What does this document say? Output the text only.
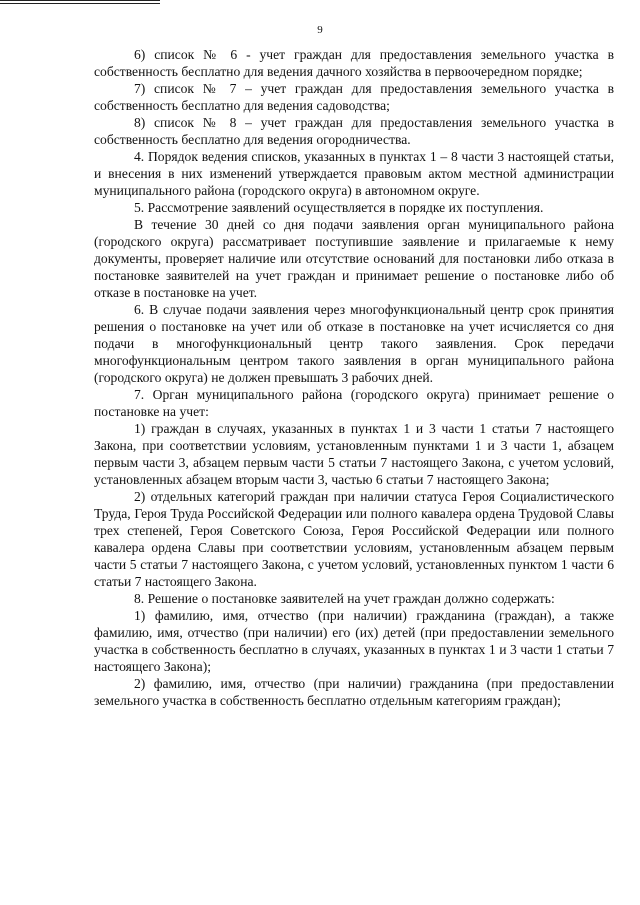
9

6) список № 6 - учет граждан для предоставления земельного участка в собственность бесплатно для ведения дачного хозяйства в первоочередном порядке;

7) список № 7 – учет граждан для предоставления земельного участка в собственность бесплатно для ведения садоводства;

8) список № 8 – учет граждан для предоставления земельного участка в собственность бесплатно для ведения огородничества.

4. Порядок ведения списков, указанных в пунктах 1 – 8 части 3 настоящей статьи, и внесения в них изменений утверждается правовым актом местной администрации муниципального района (городского округа) в автономном округе.

5. Рассмотрение заявлений осуществляется в порядке их поступления.

В течение 30 дней со дня подачи заявления орган муниципального района (городского округа) рассматривает поступившие заявление и прилагаемые к нему документы, проверяет наличие или отсутствие оснований для постановки либо отказа в постановке заявителей на учет граждан и принимает решение о постановке либо об отказе в постановке на учет.

6. В случае подачи заявления через многофункциональный центр срок принятия решения о постановке на учет или об отказе в постановке на учет исчисляется со дня подачи в многофункциональный центр такого заявления. Срок передачи многофункциональным центром такого заявления в орган муниципального района (городского округа) не должен превышать 3 рабочих дней.

7. Орган муниципального района (городского округа) принимает решение о постановке на учет:

1) граждан в случаях, указанных в пунктах 1 и 3 части 1 статьи 7 настоящего Закона, при соответствии условиям, установленным пунктами 1 и 3 части 1, абзацем первым части 3, абзацем первым части 5 статьи 7 настоящего Закона, с учетом условий, установленных абзацем вторым части 3, частью 6 статьи 7 настоящего Закона;

2) отдельных категорий граждан при наличии статуса Героя Социалистического Труда, Героя Труда Российской Федерации или полного кавалера ордена Трудовой Славы трех степеней, Героя Советского Союза, Героя Российской Федерации или полного кавалера ордена Славы при соответствии условиям, установленным абзацем первым части 5 статьи 7 настоящего Закона, с учетом условий, установленных пунктом 1 части 6 статьи 7 настоящего Закона.

8. Решение о постановке заявителей на учет граждан должно содержать:

1) фамилию, имя, отчество (при наличии) гражданина (граждан), а также фамилию, имя, отчество (при наличии) его (их) детей (при предоставлении земельного участка в собственность бесплатно в случаях, указанных в пунктах 1 и 3 части 1 статьи 7 настоящего Закона);

2) фамилию, имя, отчество (при наличии) гражданина (при предоставлении земельного участка в собственность бесплатно отдельным категориям граждан);
